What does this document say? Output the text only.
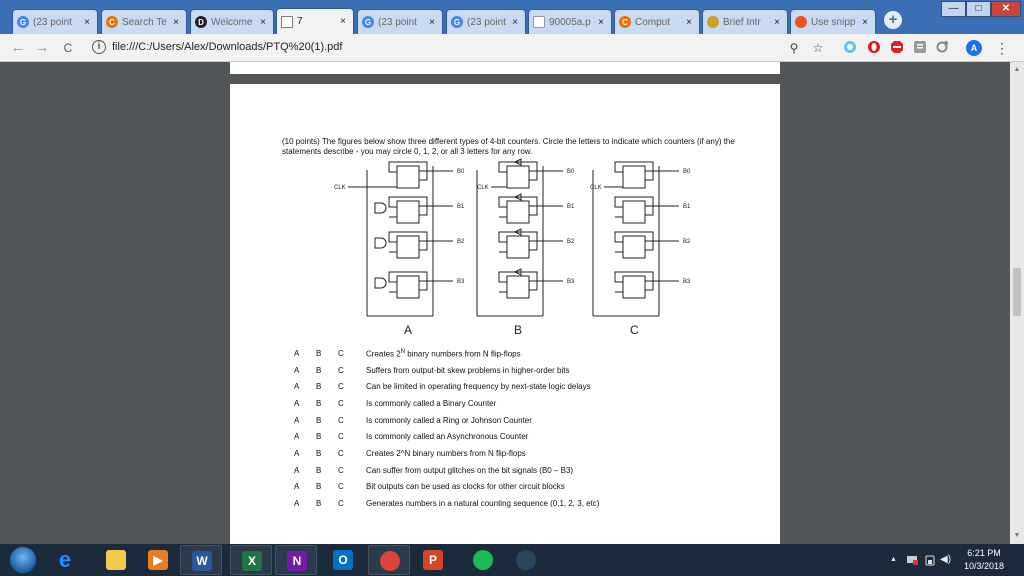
G (23 point	×	C Search Te ×	D Welcome ×	7	×	G (23 point	×	G (23 point ×	90005a.p ×	C Comput	×	Brief Intr	×	Use snipp ×	+
—	□	✕
← →	C	i	file:///C:/Users/Alex/Downloads/PTQ%20(1).pdf	⚲	☆	A	⋮
(10 points) The figures below show three different types of 4-bit counters. Circle the letters to indicate which counters (if any) the statements describe - you may circle 0, 1, 2, or all 3 letters for any row.
CLK
B0
B1
B2
B3
A
CLK
B0
B1
B2
B3
B
CLK
B0
B1
B2
B3
C
A	B	C	Creates $2^N$ binary numbers from N flip-flops
A	B	C	Suffers from output-bit skew problems in higher-order bits
A	B	C	Can be limited in operating frequency by next-state logic delays
A	B	C	Is commonly called a Binary Counter
A	B	C	Is commonly called a Ring or Johnson Counter
A	B	C	Is commonly called an Asynchronous Counter
A	B	C	Creates 2^N binary numbers from N flip-flops
A	B	C	Can suffer from output glitches on the bit signals (B0 – B3)
A	B	C	Bit outputs can be used as clocks for other circuit blocks
A	B	C	Generates numbers in a natural counting sequence (0,1, 2, 3, etc)
▲
▼
e	▶	W	X	N	O	P	▲	◀)
6:21 PM
10/3/2018
